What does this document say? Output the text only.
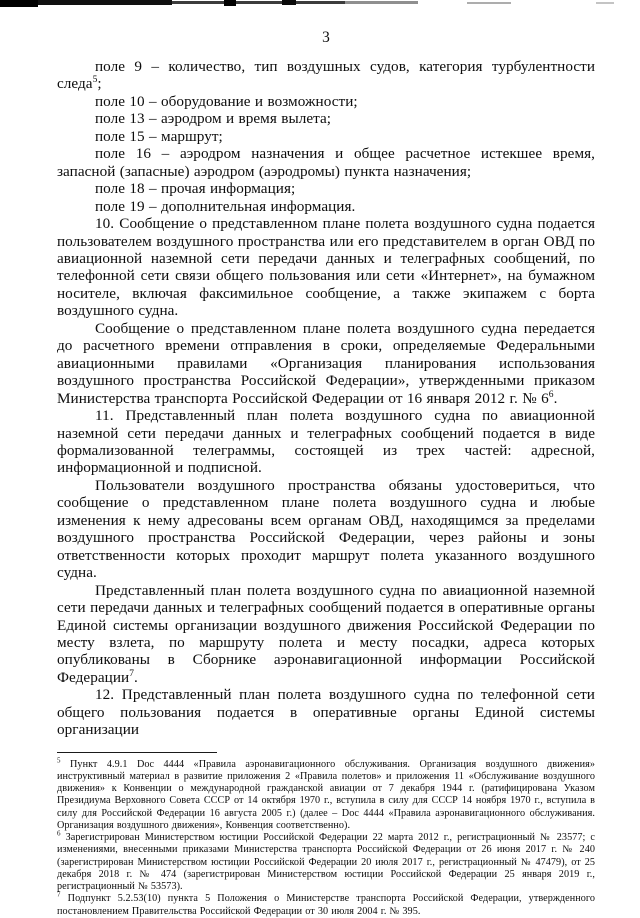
3

поле 9 – количество, тип воздушных судов, категория турбулентности следа$^5$;

поле 10 – оборудование и возможности;

поле 13 – аэродром и время вылета;

поле 15 – маршрут;

поле 16 – аэродром назначения и общее расчетное истекшее время, запасной (запасные) аэродром (аэродромы) пункта назначения;

поле 18 – прочая информация;

поле 19 – дополнительная информация.

10. Сообщение о представленном плане полета воздушного судна подается пользователем воздушного пространства или его представителем в орган ОВД по авиационной наземной сети передачи данных и телеграфных сообщений, по телефонной сети связи общего пользования или сети «Интернет», на бумажном носителе, включая факсимильное сообщение, а также экипажем с борта воздушного судна.

Сообщение о представленном плане полета воздушного судна передается до расчетного времени отправления в сроки, определяемые Федеральными авиационными правилами «Организация планирования использования воздушного пространства Российской Федерации», утвержденными приказом Министерства транспорта Российской Федерации от 16 января 2012 г. № 6$^6$.

11. Представленный план полета воздушного судна по авиационной наземной сети передачи данных и телеграфных сообщений подается в виде формализованной телеграммы, состоящей из трех частей: адресной, информационной и подписной.

Пользователи воздушного пространства обязаны удостовериться, что сообщение о представленном плане полета воздушного судна и любые изменения к нему адресованы всем органам ОВД, находящимся за пределами воздушного пространства Российской Федерации, через районы и зоны ответственности которых проходит маршрут полета указанного воздушного судна.

Представленный план полета воздушного судна по авиационной наземной сети передачи данных и телеграфных сообщений подается в оперативные органы Единой системы организации воздушного движения Российской Федерации по месту взлета, по маршруту полета и месту посадки, адреса которых опубликованы в Сборнике аэронавигационной информации Российской Федерации$^7$.

12. Представленный план полета воздушного судна по телефонной сети общего пользования подается в оперативные органы Единой системы организации

$^5$ Пункт 4.9.1 Doc 4444 «Правила аэронавигационного обслуживания. Организация воздушного движения» инструктивный материал в развитие приложения 2 «Правила полетов» и приложения 11 «Обслуживание воздушного движения» к Конвенции о международной гражданской авиации от 7 декабря 1944 г. (ратифицирована Указом Президиума Верховного Совета СССР от 14 октября 1970 г., вступила в силу для СССР 14 ноября 1970 г., вступила в силу для Российской Федерации 16 августа 2005 г.) (далее – Doc 4444 «Правила аэронавигационного обслуживания. Организация воздушного движения», Конвенция соответственно).

$^6$ Зарегистрирован Министерством юстиции Российской Федерации 22 марта 2012 г., регистрационный № 23577; с изменениями, внесенными приказами Министерства транспорта Российской Федерации от 26 июня 2017 г. № 240 (зарегистрирован Министерством юстиции Российской Федерации 20 июля 2017 г., регистрационный № 47479), от 25 декабря 2018 г. № 474 (зарегистрирован Министерством юстиции Российской Федерации 25 января 2019 г., регистрационный № 53573).

$^7$ Подпункт 5.2.53(10) пункта 5 Положения о Министерстве транспорта Российской Федерации, утвержденного постановлением Правительства Российской Федерации от 30 июля 2004 г. № 395.
